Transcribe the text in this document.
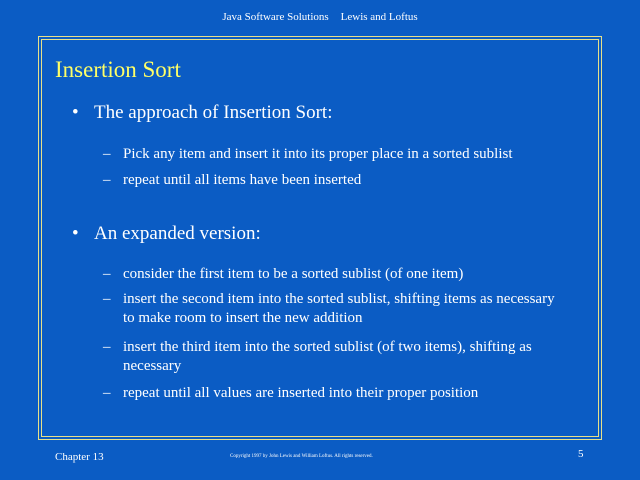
Java Software Solutions Lewis and Loftus
Insertion Sort
• The approach of Insertion Sort:
– Pick any item and insert it into its proper place in a sorted sublist
– repeat until all items have been inserted
• An expanded version:
– consider the first item to be a sorted sublist (of one item)
– insert the second item into the sorted sublist, shifting items as necessary to make room to insert the new addition
– insert the third item into the sorted sublist (of two items), shifting as necessary
– repeat until all values are inserted into their proper position
Chapter 13	Copyright 1997 by John Lewis and William Loftus. All rights reserved.	5
